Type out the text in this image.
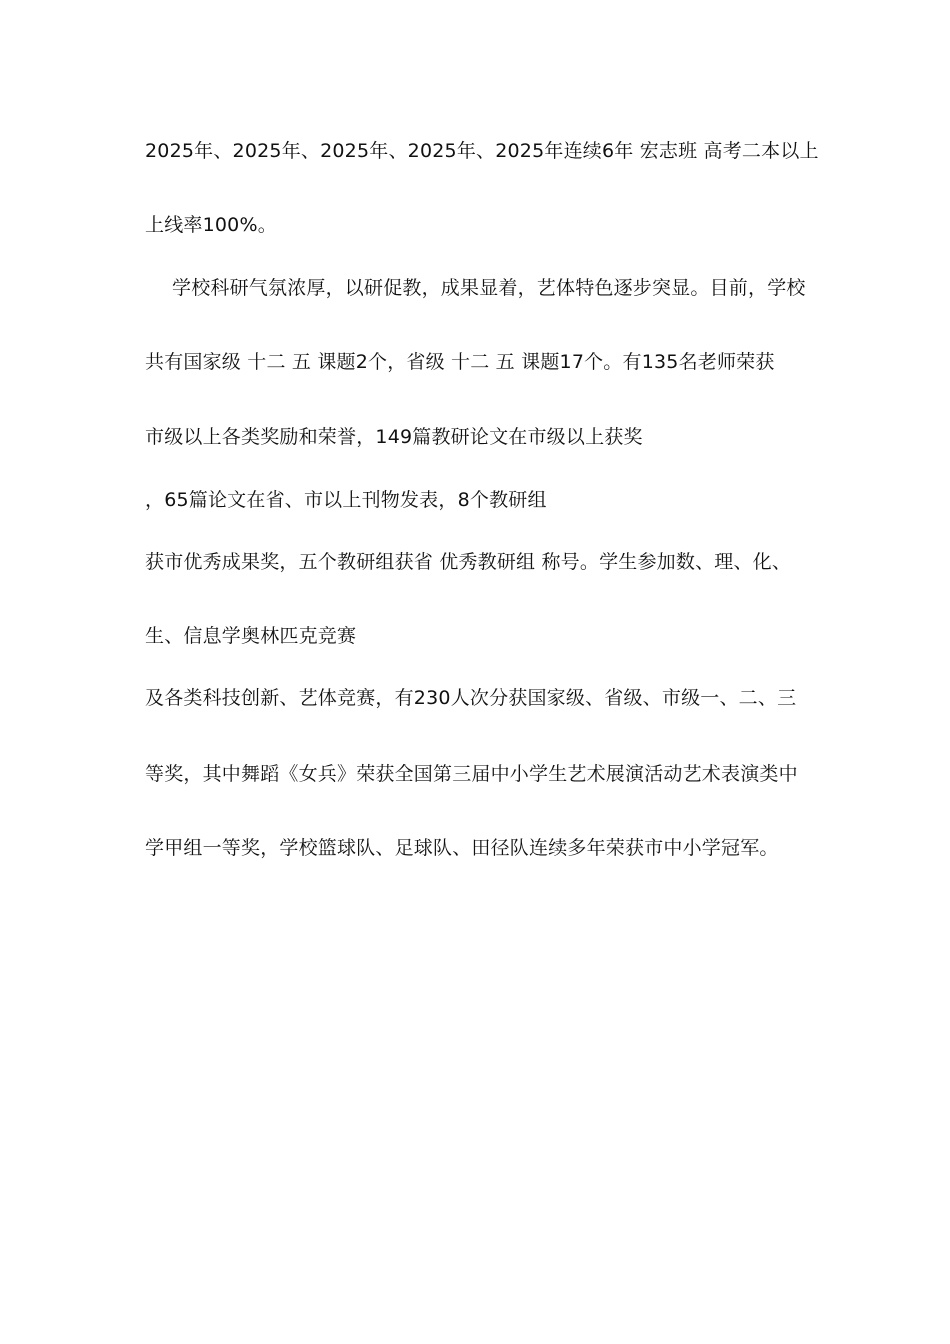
2025年、2025年、2025年、2025年、2025年连续6年 宏志班 高考二本以上
上线率100%。
学校科研气氛浓厚，以研促教，成果显着，艺体特色逐步突显。目前，学校
共有国家级 十二 五 课题2个，省级 十二 五 课题17个。有135名老师荣获
市级以上各类奖励和荣誉，149篇教研论文在市级以上获奖
，65篇论文在省、市以上刊物发表，8个教研组
获市优秀成果奖，五个教研组获省 优秀教研组 称号。学生参加数、理、化、
生、信息学奥林匹克竞赛
及各类科技创新、艺体竞赛，有230人次分获国家级、省级、市级一、二、三
等奖，其中舞蹈《女兵》荣获全国第三届中小学生艺术展演活动艺术表演类中
学甲组一等奖，学校篮球队、足球队、田径队连续多年荣获市中小学冠军。
